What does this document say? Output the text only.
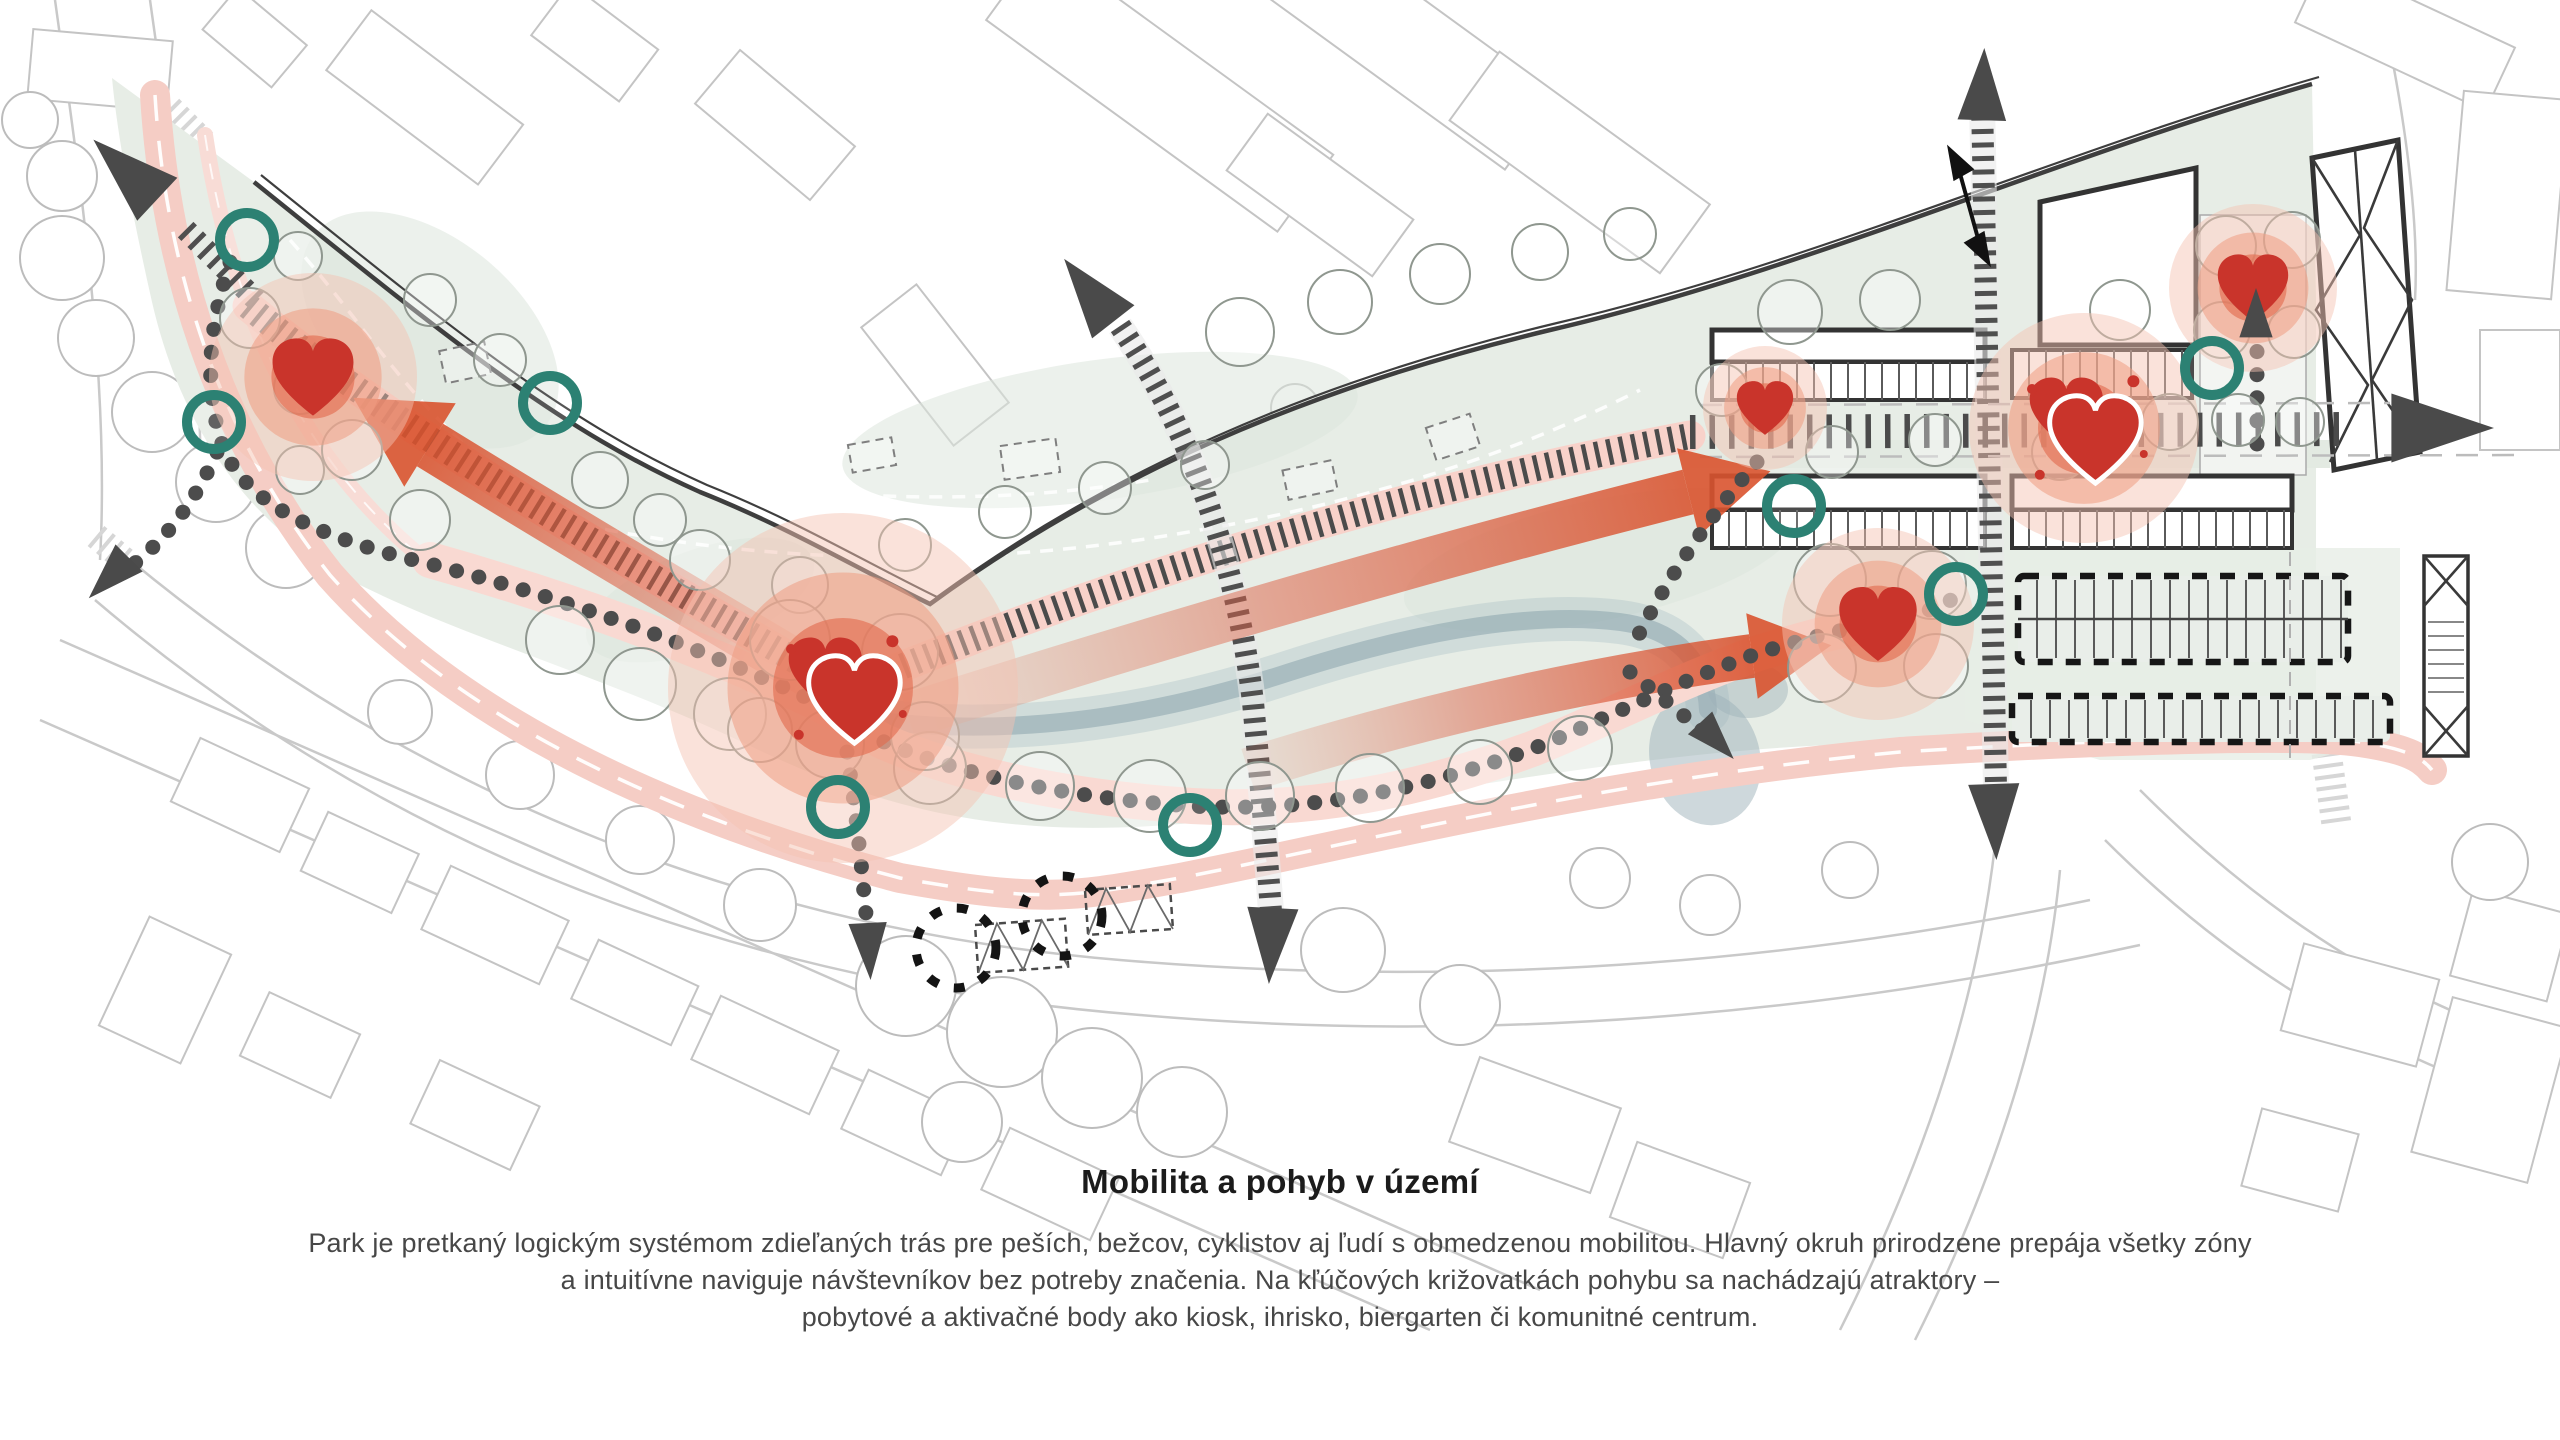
Mobilita a pohyb v území
Park je pretkaný logickým systémom zdieľaných trás pre peších, bežcov, cyklistov aj ľudí s obmedzenou mobilitou. Hlavný okruh prirodzene prepája všetky zóny
a intuitívne naviguje návštevníkov bez potreby značenia. Na kľúčových križovatkách pohybu sa nachádzajú atraktory –
pobytové a aktivačné body ako kiosk, ihrisko, biergarten či komunitné centrum.
